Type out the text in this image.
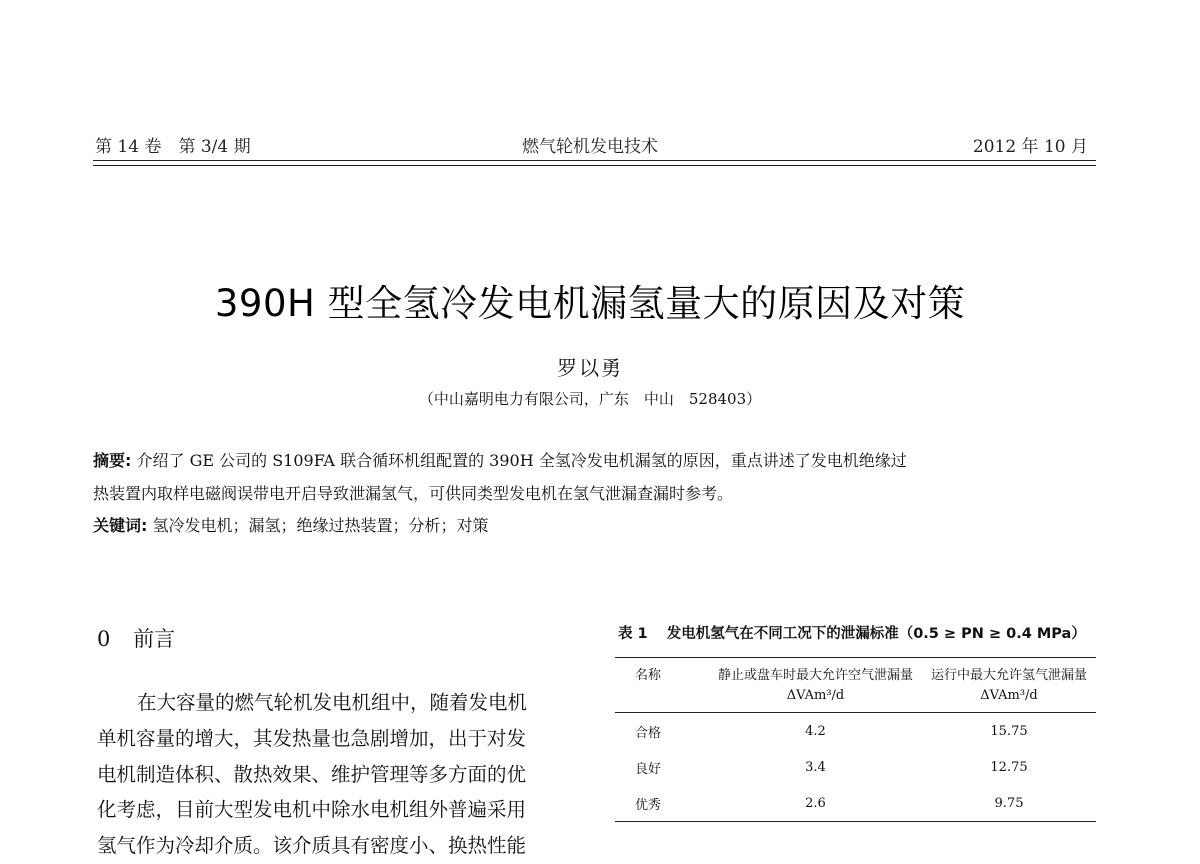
第 14 卷　第 3/4 期	燃气轮机发电技术	2012 年 10 月
390H 型全氢冷发电机漏氢量大的原因及对策
罗以勇
（中山嘉明电力有限公司，广东　中山　528403）
摘要: 介绍了 GE 公司的 S109FA 联合循环机组配置的 390H 全氢冷发电机漏氢的原因，重点讲述了发电机绝缘过
热装置内取样电磁阀误带电开启导致泄漏氢气，可供同类型发电机在氢气泄漏查漏时参考。
关键词: 氢冷发电机；漏氢；绝缘过热装置；分析；对策
0 前言

在大容量的燃气轮机发电机组中，随着发电机

单机容量的增大，其发热量也急剧增加，出于对发

电机制造体积、散热效果、维护管理等多方面的优

化考虑，目前大型发电机中除水电机组外普遍采用

氢气作为冷却介质。该介质具有密度小、换热性能

表 1 发电机氢气在不同工况下的泄漏标准（0.5 ≥ PN ≥ 0.4 MPa）
名称	静止或盘车时最大允许空气泄漏量 ΔVAm³/d	运行中最大允许氢气泄漏量 ΔVAm³/d
合格	4.2	15.75
良好	3.4	12.75
优秀	2.6	9.75
